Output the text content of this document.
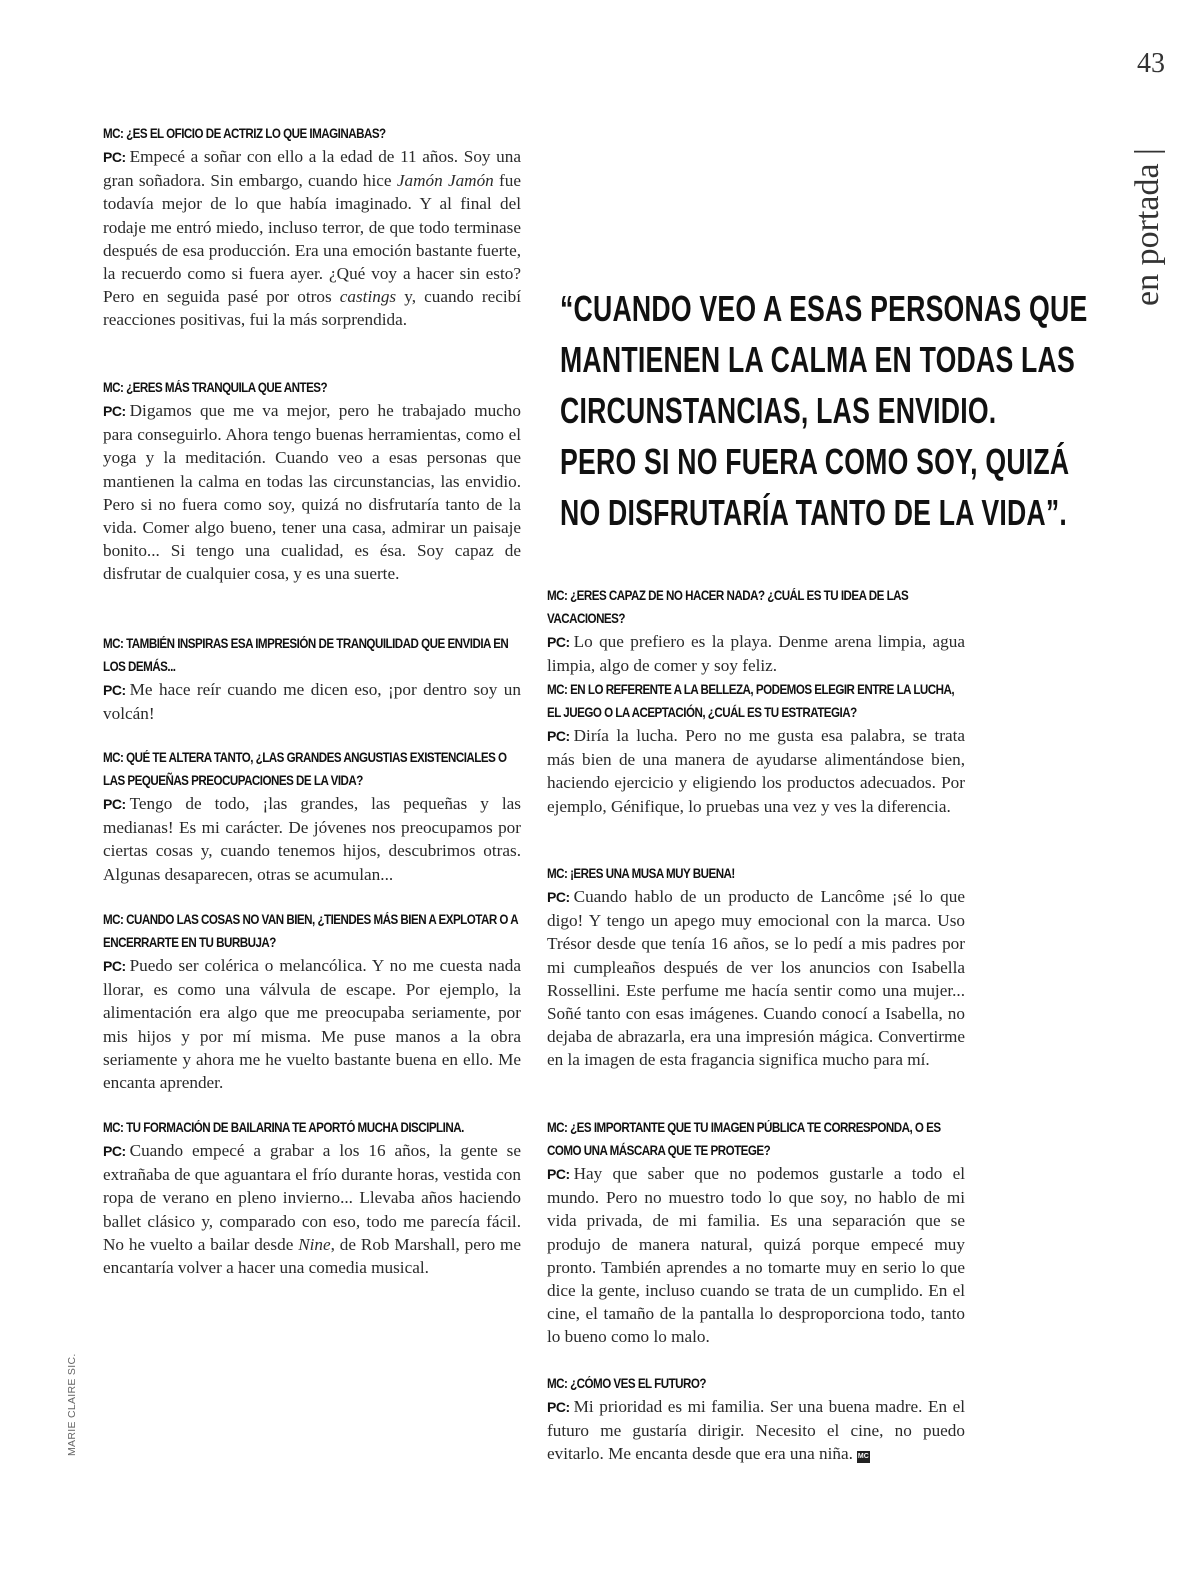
43
en portada |
MARIE CLAIRE SIC.
“CUANDO VEO A ESAS PERSONAS QUE
MANTIENEN LA CALMA EN TODAS LAS
CIRCUNSTANCIAS, LAS ENVIDIO.
PERO SI NO FUERA COMO SOY, QUIZÁ
NO DISFRUTARÍA TANTO DE LA VIDA”.
MC: ¿ES EL OFICIO DE ACTRIZ LO QUE IMAGINABAS?
PC: Empecé a soñar con ello a la edad de 11 años. Soy una gran soñadora. Sin embargo, cuando hice Jamón Jamón fue todavía mejor de lo que había imaginado. Y al final del rodaje me entró miedo, incluso terror, de que todo terminase después de esa producción. Era una emoción bastante fuerte, la recuerdo como si fuera ayer. ¿Qué voy a hacer sin esto? Pero en seguida pasé por otros castings y, cuando recibí reacciones positivas, fui la más sorprendida.
MC: ¿ERES MÁS TRANQUILA QUE ANTES?
PC: Digamos que me va mejor, pero he trabajado mucho para conseguirlo. Ahora tengo buenas herramientas, como el yoga y la meditación. Cuando veo a esas personas que mantienen la calma en todas las circunstancias, las envidio. Pero si no fuera como soy, quizá no disfrutaría tanto de la vida. Comer algo bueno, tener una casa, admirar un paisaje bonito... Si tengo una cualidad, es ésa. Soy capaz de disfrutar de cualquier cosa, y es una suerte.
MC: TAMBIÉN INSPIRAS ESA IMPRESIÓN DE TRANQUILIDAD QUE ENVIDIA EN LOS DEMÁS...
PC: Me hace reír cuando me dicen eso, ¡por dentro soy un volcán!
MC: QUÉ TE ALTERA TANTO, ¿LAS GRANDES ANGUSTIAS EXISTENCIALES O LAS PEQUEÑAS PREOCUPACIONES DE LA VIDA?
PC: Tengo de todo, ¡las grandes, las pequeñas y las medianas! Es mi carácter. De jóvenes nos preocupamos por ciertas cosas y, cuando tenemos hijos, descubrimos otras. Algunas desaparecen, otras se acumulan...
MC: CUANDO LAS COSAS NO VAN BIEN, ¿TIENDES MÁS BIEN A EXPLOTAR O A ENCERRARTE EN TU BURBUJA?
PC: Puedo ser colérica o melancólica. Y no me cuesta nada llorar, es como una válvula de escape. Por ejemplo, la alimentación era algo que me preocupaba seriamente, por mis hijos y por mí misma. Me puse manos a la obra seriamente y ahora me he vuelto bastante buena en ello. Me encanta aprender.
MC: TU FORMACIÓN DE BAILARINA TE APORTÓ MUCHA DISCIPLINA.
PC: Cuando empecé a grabar a los 16 años, la gente se extrañaba de que aguantara el frío durante horas, vestida con ropa de verano en pleno invierno... Llevaba años haciendo ballet clásico y, comparado con eso, todo me parecía fácil. No he vuelto a bailar desde Nine, de Rob Marshall, pero me encantaría volver a hacer una comedia musical.
MC: ¿ERES CAPAZ DE NO HACER NADA? ¿CUÁL ES TU IDEA DE LAS VACACIONES?
PC: Lo que prefiero es la playa. Denme arena limpia, agua limpia, algo de comer y soy feliz.
MC: EN LO REFERENTE A LA BELLEZA, PODEMOS ELEGIR ENTRE LA LUCHA, EL JUEGO O LA ACEPTACIÓN, ¿CUÁL ES TU ESTRATEGIA?
PC: Diría la lucha. Pero no me gusta esa palabra, se trata más bien de una manera de ayudarse alimentándose bien, haciendo ejercicio y eligiendo los productos adecuados. Por ejemplo, Génifique, lo pruebas una vez y ves la diferencia.
MC: ¡ERES UNA MUSA MUY BUENA!
PC: Cuando hablo de un producto de Lancôme ¡sé lo que digo! Y tengo un apego muy emocional con la marca. Uso Trésor desde que tenía 16 años, se lo pedí a mis padres por mi cumpleaños después de ver los anuncios con Isabella Rossellini. Este perfume me hacía sentir como una mujer... Soñé tanto con esas imágenes. Cuando conocí a Isabella, no dejaba de abrazarla, era una impresión mágica. Convertirme en la imagen de esta fragancia significa mucho para mí.
MC: ¿ES IMPORTANTE QUE TU IMAGEN PÚBLICA TE CORRESPONDA, O ES COMO UNA MÁSCARA QUE TE PROTEGE?
PC: Hay que saber que no podemos gustarle a todo el mundo. Pero no muestro todo lo que soy, no hablo de mi vida privada, de mi familia. Es una separación que se produjo de manera natural, quizá porque empecé muy pronto. También aprendes a no tomarte muy en serio lo que dice la gente, incluso cuando se trata de un cumplido. En el cine, el tamaño de la pantalla lo desproporciona todo, tanto lo bueno como lo malo.
MC: ¿CÓMO VES EL FUTURO?
PC: Mi prioridad es mi familia. Ser una buena madre. En el futuro me gustaría dirigir. Necesito el cine, no puedo evitarlo. Me encanta desde que era una niña. MC
